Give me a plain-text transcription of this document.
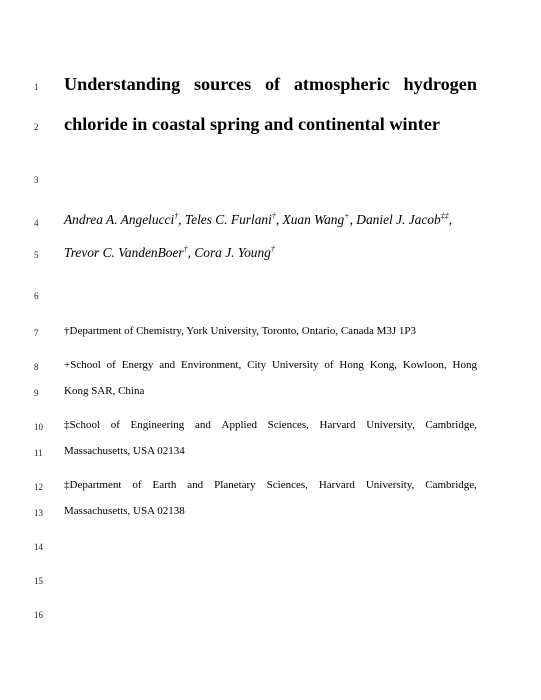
1
2
3
4
5
6
7
8
9
10
11
12
13
14
15
16
Understanding sources of atmospheric hydrogen
chloride in coastal spring and continental winter
Andrea A. Angelucci†, Teles C. Furlani†, Xuan Wang+, Daniel J. Jacob‡‡,
Trevor C. VandenBoer†, Cora J. Young†
†Department of Chemistry, York University, Toronto, Ontario, Canada M3J 1P3
+School of Energy and Environment, City University of Hong Kong, Kowloon, Hong
Kong SAR, China
‡School of Engineering and Applied Sciences, Harvard University, Cambridge,
Massachusetts, USA 02134
‡Department of Earth and Planetary Sciences, Harvard University, Cambridge,
Massachusetts, USA 02138
